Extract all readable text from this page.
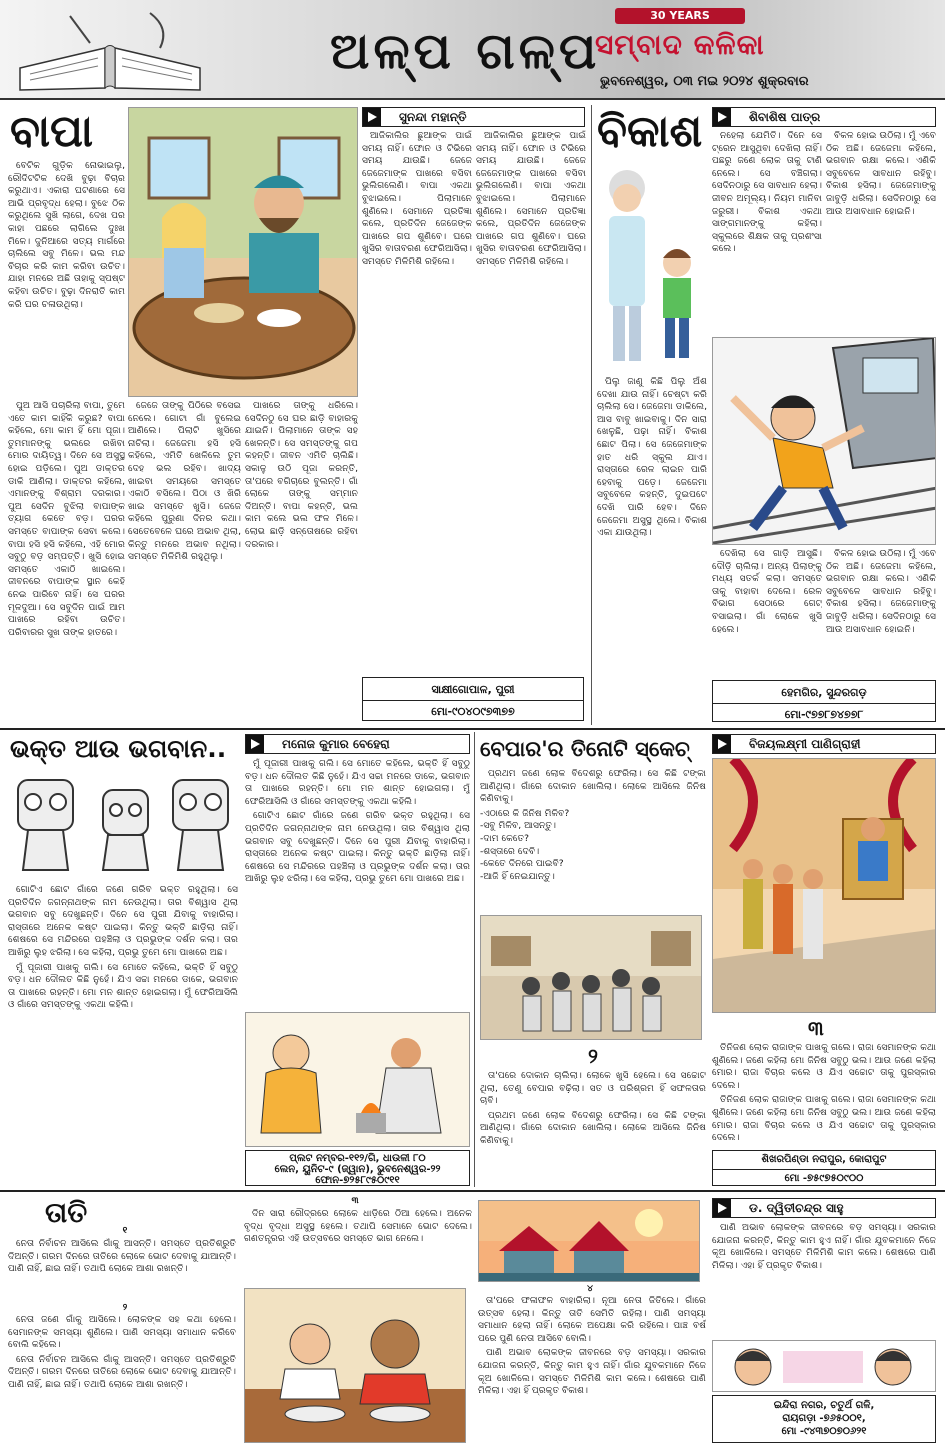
ଅଳ୍ପ ଗଳ୍ପ
30 YEARS
ସମ୍ବାଦ କଳିକା
ଭୁବନେଶ୍ୱର, ୦୩ ମଇ ୨୦୨୪ ଶୁକ୍ରବାର
ବାପା

ବେଟିକ ଗୁଡ଼ିକ ନୋଭାଇଲୁ, ରୌଦିଟଟିକ ଦେଖି ବୁଢ଼ା ବିଚାର କରୁଥାଏ। ଏକାରା ଘଟଣାରେ ସେ ଆଭି ପ୍ରବୃଦ୍ଧ ହେଲା। ବୁଝେ ଠିକ କରୁଥିଲେ ସୁଖି ଲାଗେ, ଦେଖ ପର କାହା ପଛରେ ଲାଗିଲେ ଦୁଃଖ ମିଳେ। ଦୁନିଆରେ ସତ୍ୟ ମାର୍ଗରେ ଚାଲିଲେ ସବୁ ମିଳେ। ଭଲ ମନ୍ଦ ବିଚାର କରି କାମ କରିବା ଉଚିତ। ଯାହା ମନରେ ଅଛି ତାହାକୁ ସ୍ପଷ୍ଟ କହିବା ଉଚିତ। ବୁଢ଼ା ଦିନରାତି କାମ କରି ଘର ଚଳାଉଥିଲା।

ପୁଅ ଆସି ପଚାରିଲା ବାପା, ତୁମେ ଏତେ କାମ କାହିଁକି କରୁଛ? ବାପା କହିଲେ, ମୋ କାମ ହିଁ ମୋ ପୂଜା। ତୁମମାନଙ୍କୁ ଭଲରେ ରଖିବା ମୋର ଦାୟିତ୍ୱ। ଦିନେ ସେ ଅସୁସ୍ଥ ହୋଇ ପଡ଼ିଲେ। ପୁଅ ଡାକ୍ତର ଡାକି ଆଣିଲା। ଡାକ୍ତର କହିଲେ, ଏମାନଙ୍କୁ ବିଶ୍ରାମ ଦରକାର। ପୁଅ ସେଦିନ ବୁଝିଲା ବାପାଙ୍କ ତ୍ୟାଗ କେତେ ବଡ଼। ଘରର ସମସ୍ତେ ବାପାଙ୍କ ସେବା କଲେ। ବାପା ହସି ହସି କହିଲେ, ଏହି ମୋର ସବୁଠୁ ବଡ଼ ସମ୍ପତ୍ତି। ଖୁସି ହୋଇ ସମସ୍ତେ ଏକାଠି ଖାଇଲେ। ଜୀବନରେ ବାପାଙ୍କ ସ୍ଥାନ କେହି ନେଇ ପାରିବେ ନାହିଁ। ସେ ଘରର ମୂଳଦୁଆ। ସେ ସବୁଦିନ ପାଇଁ ଆମ ପାଖରେ ରହିବା ଉଚିତ। ପରିବାରର ସୁଖ ତାଙ୍କ ହାତରେ।

ଜେଜେ ତାଙ୍କୁ ପିଠିରେ ବସେଇ ନେଲେ। ଗୋଟା ଗାଁ ବୁଲେଇ ଆଣିଲେ। ପିଲାଟି ଖୁସିରେ ନାଚିଲା। ଜେଜେମା ହସି ହସି କହିଲେ, ଏମିତି ଖେଳିଲେ ତୁମ ଦେହ ଭଲ ରହିବ। ଖାଦ୍ୟ ଖାଇବା ସମୟରେ ସମସ୍ତେ ଏକାଠି ବସିଲେ। ପିଠା ଓ ଖିରି ଖାଇ ସମସ୍ତେ ଖୁସି। ଜେଜେ କହିଲେ ପୁରୁଣା ଦିନର କଥା। ସେତେବେଳେ ଘରେ ଅଭାବ ଥିଲା, କିନ୍ତୁ ମନରେ ଅଭାବ ନଥିଲା। ସମସ୍ତେ ମିଳିମିଶି ରହୁଥିଲୁ।

ପାଖରେ ତାଙ୍କୁ ଧରିଲେ। ସେଦିନଠୁ ସେ ଘର ଛାଡ଼ି ବାହାରକୁ ଯାଇନି। ପିଲାମାନେ ତାଙ୍କ ସହ ଖେଳନ୍ତି। ସେ ସମସ୍ତଙ୍କୁ ଗପ କହନ୍ତି। ଜୀବନ ଏମିତି ଚାଲିଛି। ସକାଳୁ ଉଠି ପୂଜା କରନ୍ତି, ତା'ପରେ ବଗିଚାରେ ବୁଲନ୍ତି। ଗାଁ ଲୋକେ ତାଙ୍କୁ ସମ୍ମାନ ଦିଅନ୍ତି। ବାପା କହନ୍ତି, ଭଲ କାମ କଲେ ଭଲ ଫଳ ମିଳେ। ଲୋଭ ଛାଡ଼ି ସନ୍ତୋଷରେ ରହିବା ଦରକାର।

ସୁନନ୍ଦା ମହାନ୍ତି

ଆଜିକାଲିର ଛୁଆଙ୍କ ପାଇଁ ସମୟ ନାହିଁ। ଫୋନ ଓ ଟିଭିରେ ସମୟ ଯାଉଛି। ଜେଜେ ଜେଜେମାଙ୍କ ପାଖରେ ବସିବା ଭୁଲିଗଲେଣି। ବାପା ଏକଥା ବୁଝାଇଲେ। ପିଲାମାନେ ଶୁଣିଲେ। ସେମାନେ ପ୍ରତିଜ୍ଞା କଲେ, ପ୍ରତିଦିନ ଜେଜେଙ୍କ ପାଖରେ ଗପ ଶୁଣିବେ। ଘରେ ଖୁସିର ବାତାବରଣ ଫେରିଆସିଲା। ସମସ୍ତେ ମିଳିମିଶି ରହିଲେ।

ଆଜିକାଲିର ଛୁଆଙ୍କ ପାଇଁ ସମୟ ନାହିଁ। ଫୋନ ଓ ଟିଭିରେ ସମୟ ଯାଉଛି। ଜେଜେ ଜେଜେମାଙ୍କ ପାଖରେ ବସିବା ଭୁଲିଗଲେଣି। ବାପା ଏକଥା ବୁଝାଇଲେ। ପିଲାମାନେ ଶୁଣିଲେ। ସେମାନେ ପ୍ରତିଜ୍ଞା କଲେ, ପ୍ରତିଦିନ ଜେଜେଙ୍କ ପାଖରେ ଗପ ଶୁଣିବେ। ଘରେ ଖୁସିର ବାତାବରଣ ଫେରିଆସିଲା। ସମସ୍ତେ ମିଳିମିଶି ରହିଲେ।

ସାକ୍ଷୀଗୋପାଳ, ପୁରୀ
ମୋ-୯୦୪୦୯୭୩୭୭
ବିକାଶ	ଶିବାଶିଷ ପାତ୍ର

ନହେଲା ଯେମିତି। ଦିନେ ସେ ଟ୍ରେନ ଆସୁଥିବା ଦେଖିଲା ନାହିଁ। ପଛରୁ ଜଣେ ଲୋକ ତାକୁ ଟାଣି ନେଲେ। ସେ ବଞ୍ଚିଗଲା। ସେଦିନଠାରୁ ସେ ସାବଧାନ ହେଲା। ଜୀବନ ଅମୂଲ୍ୟ। ନିୟମ ମାନିବା ଜରୁରୀ। ବିକାଶ ଏକଥା ସାଙ୍ଗମାନଙ୍କୁ କହିଲା। ସ୍କୁଲରେ ଶିକ୍ଷକ ତାକୁ ପ୍ରଶଂସା କଲେ।

ବିକଳ ହୋଇ ଉଠିଲା। ମୁଁ ଏବେ ଠିକ ଅଛି। ଜେଜେମା କହିଲେ, ଭଗବାନ ରକ୍ଷା କଲେ। ଏଣିକି ସବୁବେଳେ ସାବଧାନ ରହିବୁ। ବିକାଶ ହସିଲା। ଜେଜେମାଙ୍କୁ ଜାବୁଡ଼ି ଧରିଲା। ସେଦିନଠାରୁ ସେ ଆଉ ଅସାବଧାନ ହୋଇନି।

ପିଲୁ ଜାଣୁ କିଛି ପିଲୁ ଅଁଶ ଦେଖା ଯାଉ ନାହିଁ। ଚେଷ୍ଟା କରି ଚାଲିଲା ସେ। ଜେଜେମା ଡାକିଲେ, ଆସ ବାବୁ ଖାଇବାକୁ। ଦିନ ସାରା ଖେଳୁଛି, ପଢ଼ା ନାହିଁ। ବିକାଶ ଛୋଟ ପିଲା। ସେ ଜେଜେମାଙ୍କ ହାତ ଧରି ସ୍କୁଲ ଯାଏ। ରାସ୍ତାରେ ରେଳ ଲାଇନ ପାରି ହେବାକୁ ପଡ଼େ। ଜେଜେମା ସବୁବେଳେ କହନ୍ତି, ଦୁଇପଟେ ଦେଖି ପାରି ହେବ। ଦିନେ ଜେଜେମା ଅସୁସ୍ଥ ଥିଲେ। ବିକାଶ ଏକା ଯାଉଥିଲା।

ଦେଖିଲା ସେ ଗାଡ଼ି ଆସୁଛି। ଦୌଡ଼ି ଚାଲିଲା। ଅନ୍ୟ ପିଲାଙ୍କୁ ମଧ୍ୟ ସତର୍କ କଲା। ସମସ୍ତେ ତାକୁ ବାହାବା ଦେଲେ। ରେଳ ବିଭାଗ ସେଠାରେ ଗେଟ୍ ବସାଇଲା। ଗାଁ ଲୋକେ ଖୁସି ହେଲେ।

ବିକଳ ହୋଇ ଉଠିଲା। ମୁଁ ଏବେ ଠିକ ଅଛି। ଜେଜେମା କହିଲେ, ଭଗବାନ ରକ୍ଷା କଲେ। ଏଣିକି ସବୁବେଳେ ସାବଧାନ ରହିବୁ। ବିକାଶ ହସିଲା। ଜେଜେମାଙ୍କୁ ଜାବୁଡ଼ି ଧରିଲା। ସେଦିନଠାରୁ ସେ ଆଉ ଅସାବଧାନ ହୋଇନି।

ହେମଗିର, ସୁନ୍ଦରଗଡ଼
ମୋ-୯୭୭୮୭୪୭୭୮
ଭକ୍ତ ଆଉ ଭଗବାନ..	ମନୋଜ କୁମାର ବେହେରା

ଗୋଟିଏ ଛୋଟ ଗାଁରେ ଜଣେ ଗରିବ ଭକ୍ତ ରହୁଥିଲା। ସେ ପ୍ରତିଦିନ ଜଗନ୍ନାଥଙ୍କ ନାମ ନେଉଥିଲା। ତାର ବିଶ୍ୱାସ ଥିଲା ଭଗବାନ ସବୁ ଦେଖୁଛନ୍ତି। ଦିନେ ସେ ପୁରୀ ଯିବାକୁ ବାହାରିଲା। ରାସ୍ତାରେ ଅନେକ କଷ୍ଟ ପାଇଲା। କିନ୍ତୁ ଭକ୍ତି ଛାଡ଼ିଲା ନାହିଁ। ଶେଷରେ ସେ ମନ୍ଦିରରେ ପହଞ୍ଚିଲା ଓ ପ୍ରଭୁଙ୍କ ଦର୍ଶନ କଲା। ତାର ଆଖିରୁ ଲୁହ ଝରିଲା। ସେ କହିଲା, ପ୍ରଭୁ ତୁମେ ମୋ ପାଖରେ ଅଛ।

ମୁଁ ପୂଜାରୀ ପାଖକୁ ଗଲି। ସେ ମୋତେ କହିଲେ, ଭକ୍ତି ହିଁ ସବୁଠୁ ବଡ଼। ଧନ ଦୌଲତ କିଛି ନୁହେଁ। ଯିଏ ସଚ୍ଚା ମନରେ ଡାକେ, ଭଗବାନ ତା ପାଖରେ ରହନ୍ତି। ମୋ ମନ ଶାନ୍ତ ହୋଇଗଲା। ମୁଁ ଫେରିଆସିଲି ଓ ଗାଁରେ ସମସ୍ତଙ୍କୁ ଏକଥା କହିଲି।

ମୁଁ ପୂଜାରୀ ପାଖକୁ ଗଲି। ସେ ମୋତେ କହିଲେ, ଭକ୍ତି ହିଁ ସବୁଠୁ ବଡ଼। ଧନ ଦୌଲତ କିଛି ନୁହେଁ। ଯିଏ ସଚ୍ଚା ମନରେ ଡାକେ, ଭଗବାନ ତା ପାଖରେ ରହନ୍ତି। ମୋ ମନ ଶାନ୍ତ ହୋଇଗଲା। ମୁଁ ଫେରିଆସିଲି ଓ ଗାଁରେ ସମସ୍ତଙ୍କୁ ଏକଥା କହିଲି।

ଗୋଟିଏ ଛୋଟ ଗାଁରେ ଜଣେ ଗରିବ ଭକ୍ତ ରହୁଥିଲା। ସେ ପ୍ରତିଦିନ ଜଗନ୍ନାଥଙ୍କ ନାମ ନେଉଥିଲା। ତାର ବିଶ୍ୱାସ ଥିଲା ଭଗବାନ ସବୁ ଦେଖୁଛନ୍ତି। ଦିନେ ସେ ପୁରୀ ଯିବାକୁ ବାହାରିଲା। ରାସ୍ତାରେ ଅନେକ କଷ୍ଟ ପାଇଲା। କିନ୍ତୁ ଭକ୍ତି ଛାଡ଼ିଲା ନାହିଁ। ଶେଷରେ ସେ ମନ୍ଦିରରେ ପହଞ୍ଚିଲା ଓ ପ୍ରଭୁଙ୍କ ଦର୍ଶନ କଲା। ତାର ଆଖିରୁ ଲୁହ ଝରିଲା। ସେ କହିଲା, ପ୍ରଭୁ ତୁମେ ମୋ ପାଖରେ ଅଛ।

ପ୍ଲଟ ନମ୍ବର-୧୧୨/ଗି, ଧାଉଳୀ ୮୦
ଲେନ, ୟୁନିଟ-୯ (ଜ୍ୱାନ), ଭୁବନେଶ୍ୱର-୨୨
ଫୋନ-୭୨୫୮୯୫୦୯୧୧
ବେପାର'ର ତିନୋଟି ସ୍କେଚ୍

ପ୍ରଥମ ଜଣେ ଲୋକ ବିଦେଶରୁ ଫେରିଲା। ସେ କିଛି ଟଙ୍କା ଆଣିଥିଲା। ଗାଁରେ ଦୋକାନ ଖୋଲିଲା। ଲୋକେ ଆସିଲେ ଜିନିଷ କିଣିବାକୁ।

-ଏଠାରେ କି ଜିନିଷ ମିଳିବ?
-ସବୁ ମିଳିବ, ଆସନ୍ତୁ।
-ଦାମ କେତେ?
-ଶସ୍ତାରେ ଦେବି।
-କେତେ ଦିନରେ ପାଇବି?
-ଆଜି ହିଁ ନେଇଯାନ୍ତୁ।
୨

ତା'ପରେ ଦୋକାନ ଚାଲିଲା। ଲୋକେ ଖୁସି ହେଲେ। ସେ ସଚ୍ଚୋଟ ଥିଲା, ତେଣୁ ବେପାର ବଢ଼ିଲା। ସତ ଓ ପରିଶ୍ରମ ହିଁ ସଫଳତାର ଚାବି।

ପ୍ରଥମ ଜଣେ ଲୋକ ବିଦେଶରୁ ଫେରିଲା। ସେ କିଛି ଟଙ୍କା ଆଣିଥିଲା। ଗାଁରେ ଦୋକାନ ଖୋଲିଲା। ଲୋକେ ଆସିଲେ ଜିନିଷ କିଣିବାକୁ।

ବିଜୟଲକ୍ଷ୍ମୀ ପାଣିଗ୍ରାହୀ
୩

ତିନିଜଣ ଲୋକ ରାଜାଙ୍କ ପାଖକୁ ଗଲେ। ରାଜା ସେମାନଙ୍କ କଥା ଶୁଣିଲେ। ଜଣେ କହିଲା ମୋ ଜିନିଷ ସବୁଠୁ ଭଲ। ଆଉ ଜଣେ କହିଲା ମୋର। ରାଜା ବିଚାର କଲେ ଓ ଯିଏ ସଚ୍ଚୋଟ ତାକୁ ପୁରସ୍କାର ଦେଲେ।

ତିନିଜଣ ଲୋକ ରାଜାଙ୍କ ପାଖକୁ ଗଲେ। ରାଜା ସେମାନଙ୍କ କଥା ଶୁଣିଲେ। ଜଣେ କହିଲା ମୋ ଜିନିଷ ସବୁଠୁ ଭଲ। ଆଉ ଜଣେ କହିଲା ମୋର। ରାଜା ବିଚାର କଲେ ଓ ଯିଏ ସଚ୍ଚୋଟ ତାକୁ ପୁରସ୍କାର ଦେଲେ।

ଶିଖରପିଣ୍ଡା ନରାପୁର, କୋରାପୁଟ
ମୋ -୭୫୯୭୫୦୯୦୦
ତାତି
୧

ନେତା ନିର୍ବାଚନ ଆସିଲେ ଗାଁକୁ ଆସନ୍ତି। ସମସ୍ତେ ପ୍ରତିଶ୍ରୁତି ଦିଅନ୍ତି। ଗରମ ଦିନରେ ତାତିରେ ଲୋକେ ଭୋଟ ଦେବାକୁ ଯାଆନ୍ତି। ପାଣି ନାହିଁ, ଛାଇ ନାହିଁ। ତଥାପି ଲୋକେ ଆଶା ରଖନ୍ତି।

୨

ନେତା ଜଣେ ଗାଁକୁ ଆସିଲେ। ଲୋକଙ୍କ ସହ କଥା ହେଲେ। ସେମାନଙ୍କ ସମସ୍ୟା ଶୁଣିଲେ। ପାଣି ସମସ୍ୟା ସମାଧାନ କରିବେ ବୋଲି କହିଲେ।

ନେତା ନିର୍ବାଚନ ଆସିଲେ ଗାଁକୁ ଆସନ୍ତି। ସମସ୍ତେ ପ୍ରତିଶ୍ରୁତି ଦିଅନ୍ତି। ଗରମ ଦିନରେ ତାତିରେ ଲୋକେ ଭୋଟ ଦେବାକୁ ଯାଆନ୍ତି। ପାଣି ନାହିଁ, ଛାଇ ନାହିଁ। ତଥାପି ଲୋକେ ଆଶା ରଖନ୍ତି।

୩

ଦିନ ସାରା ରୌଦ୍ରରେ ଲୋକେ ଧାଡ଼ିରେ ଠିଆ ହେଲେ। ଅନେକ ବୃଦ୍ଧ ବୃଦ୍ଧା ଅସୁସ୍ଥ ହେଲେ। ତଥାପି ସେମାନେ ଭୋଟ ଦେଲେ। ଗଣତନ୍ତ୍ରର ଏହି ଉତ୍ସବରେ ସମସ୍ତେ ଭାଗ ନେଲେ।

୪

ତା'ପରେ ଫଳାଫଳ ବାହାରିଲା। ନୂଆ ନେତା ଜିତିଲେ। ଗାଁରେ ଉତ୍ସବ ହେଲା। କିନ୍ତୁ ତାତି ସେମିତି ରହିଲା। ପାଣି ସମସ୍ୟା ସମାଧାନ ହେଲା ନାହିଁ। ଲୋକେ ଅପେକ୍ଷା କରି ରହିଲେ। ପାଞ୍ଚ ବର୍ଷ ପରେ ପୁଣି ନେତା ଆସିବେ ବୋଲି।

ପାଣି ଅଭାବ ଲୋକଙ୍କ ଜୀବନରେ ବଡ଼ ସମସ୍ୟା। ସରକାର ଯୋଜନା କରନ୍ତି, କିନ୍ତୁ କାମ ହୁଏ ନାହିଁ। ଗାଁର ଯୁବକମାନେ ନିଜେ କୂଅ ଖୋଳିଲେ। ସମସ୍ତେ ମିଳିମିଶି କାମ କଲେ। ଶେଷରେ ପାଣି ମିଳିଲା। ଏହା ହିଁ ପ୍ରକୃତ ବିକାଶ।

ଡ. ଦ୍ୱିତୀଚନ୍ଦ୍ର ସାହୁ

ପାଣି ଅଭାବ ଲୋକଙ୍କ ଜୀବନରେ ବଡ଼ ସମସ୍ୟା। ସରକାର ଯୋଜନା କରନ୍ତି, କିନ୍ତୁ କାମ ହୁଏ ନାହିଁ। ଗାଁର ଯୁବକମାନେ ନିଜେ କୂଅ ଖୋଳିଲେ। ସମସ୍ତେ ମିଳିମିଶି କାମ କଲେ। ଶେଷରେ ପାଣି ମିଳିଲା। ଏହା ହିଁ ପ୍ରକୃତ ବିକାଶ।

ଇନ୍ଦିରା ନଗର, ଚତୁର୍ଥ ଗଳି,
ରାୟଗଡ଼ା -୭୬୫୦୦୧,
ମୋ -୯୪୩୭୦୭୦୬୨୧
